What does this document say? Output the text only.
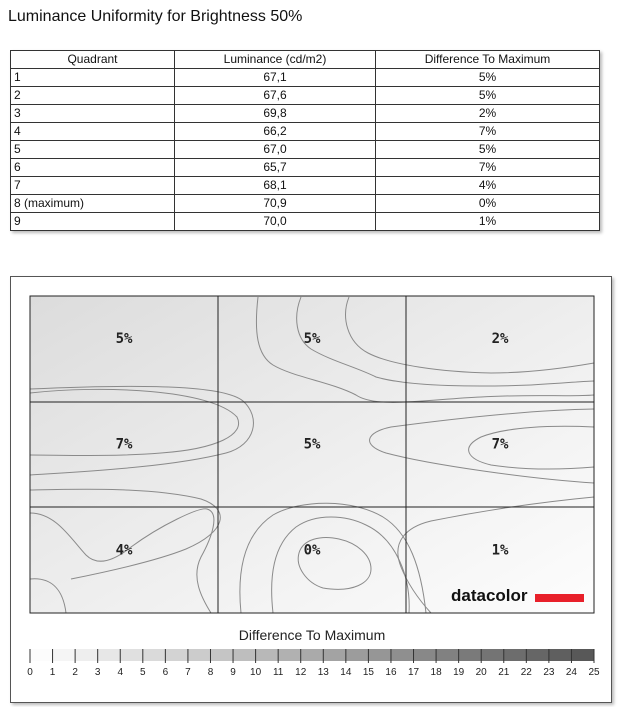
Luminance Uniformity for Brightness 50%
Quadrant	Luminance (cd/m2)	Difference To Maximum
1	67,1	5%
2	67,6	5%
3	69,8	2%
4	66,2	7%
5	67,0	5%
6	65,7	7%
7	68,1	4%
8 (maximum)	70,9	0%
9	70,0	1%
5%	5%	2%
7%	5%	7%
4%	0%	1%
datacolor
Difference To Maximum
0 1 2 3 4 5 6 7 8 9 10 11 12 13 14 15 16 17 18 19 20 21 22 23 24 25
